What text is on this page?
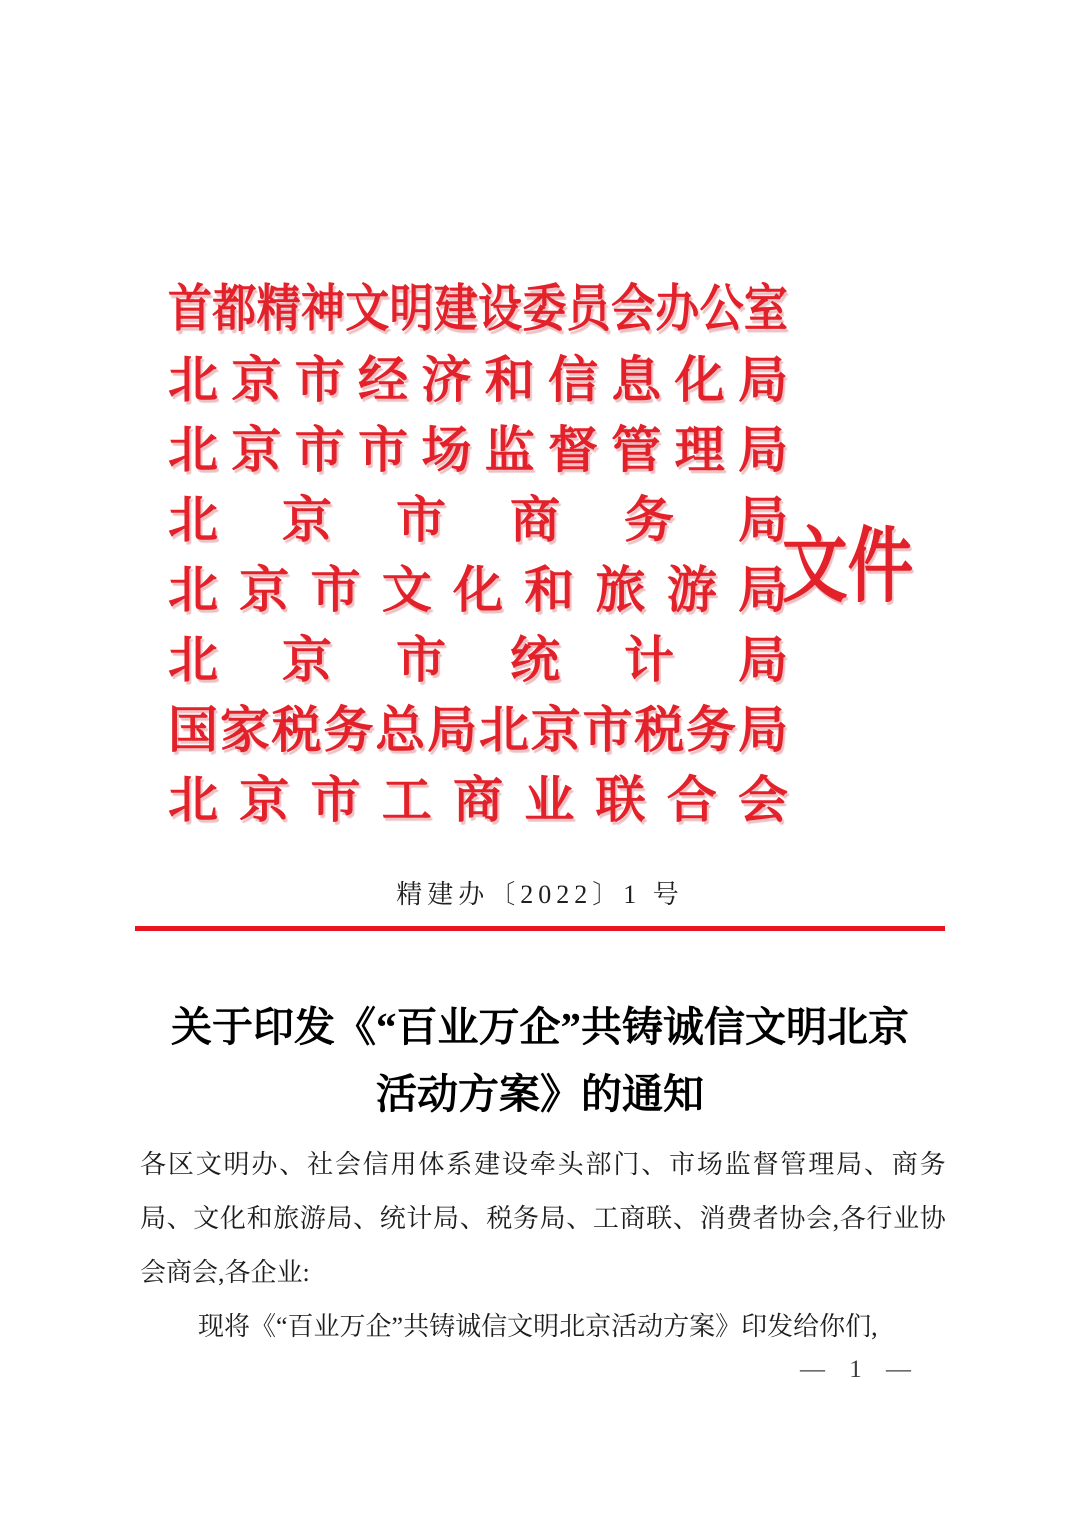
首 都 精 神 文 明 建 设 委 员 会 办 公 室
北 京 市 经 济 和 信 息 化 局
北 京 市 市 场 监 督 管 理 局
北 京 市 商 务 局
北 京 市 文 化 和 旅 游 局
北 京 市 统 计 局
国 家 税 务 总 局 北 京 市 税 务 局
北 京 市 工 商 业 联 合 会
文件
精建办〔2022〕1 号
关于印发《“百业万企”共铸诚信文明北京
活动方案》的通知
各 区 文 明 办 、 社 会 信 用 体 系 建 设 牵 头 部 门 、 市 场 监 督 管 理 局 、 商 务
局 、 文 化 和 旅 游 局 、 统 计 局 、 税 务 局 、 工 商 联 、 消 费 者 协 会 , 各 行 业 协
会商会,各企业:
现将《“百业万企”共铸诚信文明北京活动方案》印发给你们,
— 1 —
